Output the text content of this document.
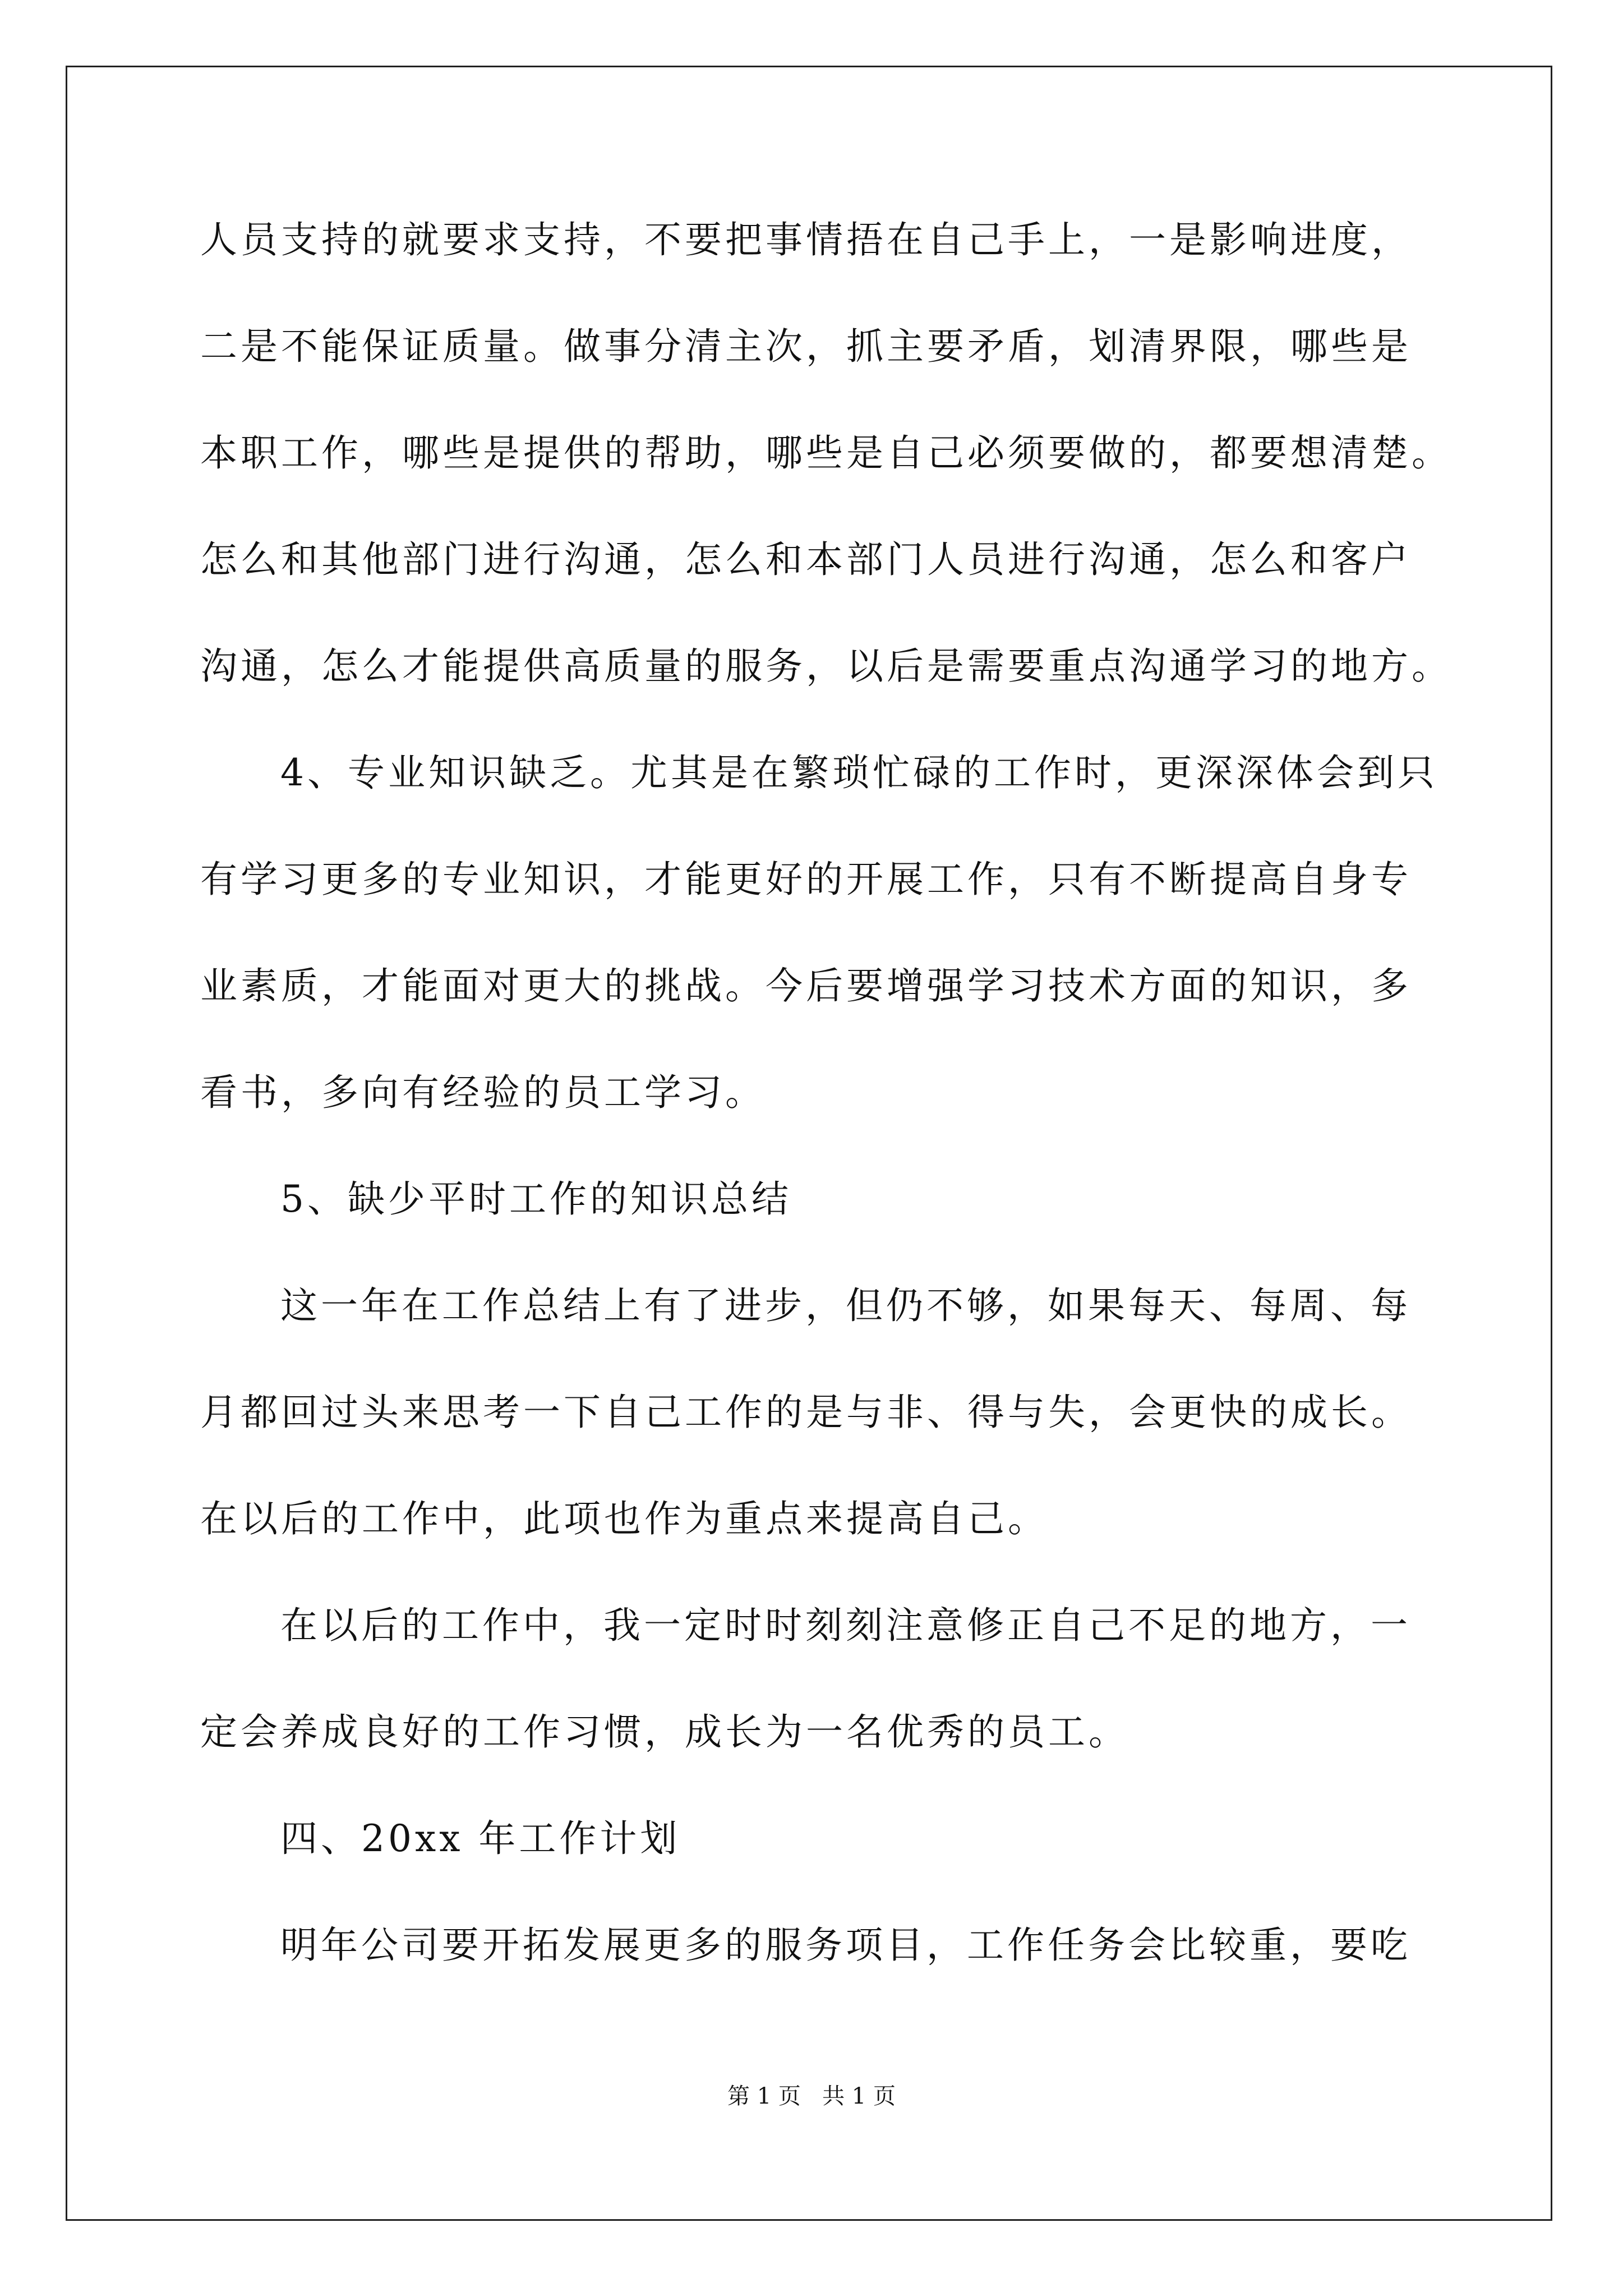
人员支持的就要求支持，不要把事情捂在自己手上，一是影响进度，

二是不能保证质量。做事分清主次，抓主要矛盾，划清界限，哪些是

本职工作，哪些是提供的帮助，哪些是自己必须要做的，都要想清楚。

怎么和其他部门进行沟通，怎么和本部门人员进行沟通，怎么和客户

沟通，怎么才能提供高质量的服务，以后是需要重点沟通学习的地方。

4、专业知识缺乏。尤其是在繁琐忙碌的工作时，更深深体会到只

有学习更多的专业知识，才能更好的开展工作，只有不断提高自身专

业素质，才能面对更大的挑战。今后要增强学习技术方面的知识，多

看书，多向有经验的员工学习。

5、缺少平时工作的知识总结

这一年在工作总结上有了进步，但仍不够，如果每天、每周、每

月都回过头来思考一下自己工作的是与非、得与失，会更快的成长。

在以后的工作中，此项也作为重点来提高自己。

在以后的工作中，我一定时时刻刻注意修正自己不足的地方，一

定会养成良好的工作习惯，成长为一名优秀的员工。

四、20xx 年工作计划

明年公司要开拓发展更多的服务项目，工作任务会比较重，要吃

第 1 页   共 1 页
